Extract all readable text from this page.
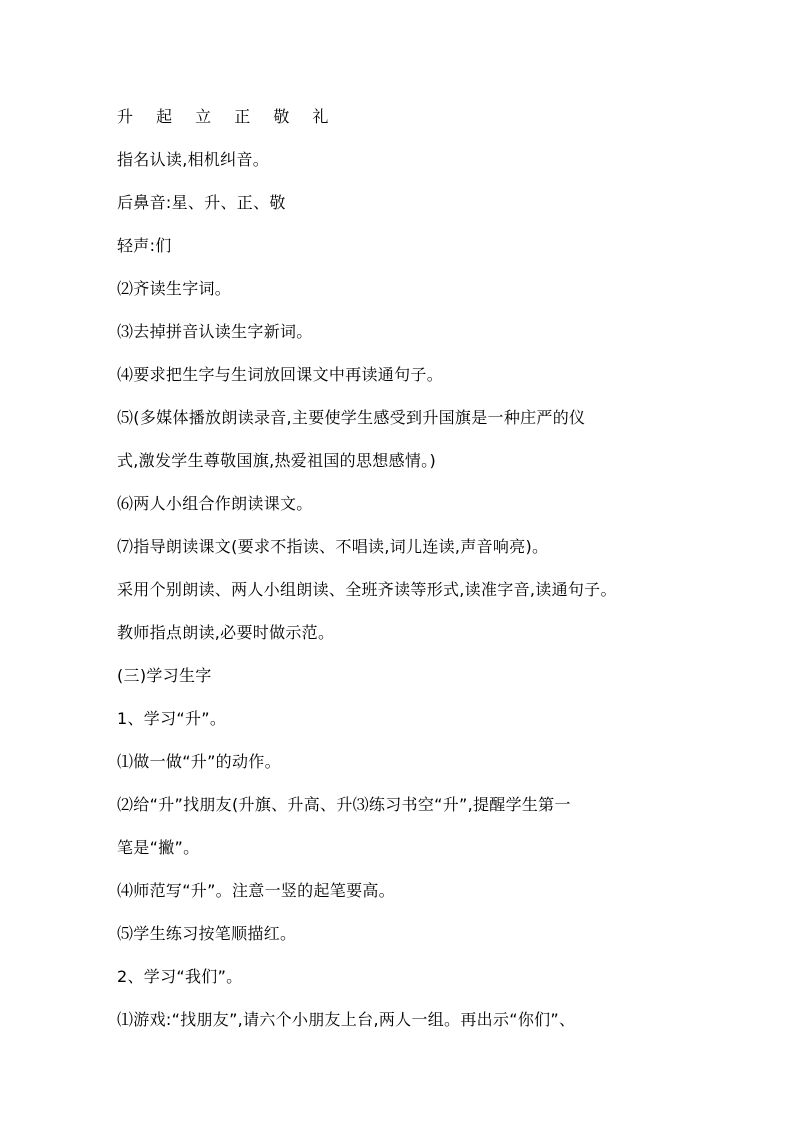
升 起 立 正 敬 礼
指名认读,相机纠音。
后鼻音:星、升、正、敬
轻声:们
⑵齐读生字词。
⑶去掉拼音认读生字新词。
⑷要求把生字与生词放回课文中再读通句子。
⑸(多媒体播放朗读录音,主要使学生感受到升国旗是一种庄严的仪
式,激发学生尊敬国旗,热爱祖国的思想感情。)
⑹两人小组合作朗读课文。
⑺指导朗读课文(要求不指读、不唱读,词儿连读,声音响亮)。
采用个别朗读、两人小组朗读、全班齐读等形式,读准字音,读通句子。
教师指点朗读,必要时做示范。
(三)学习生字
1、学习“升”。
⑴做一做“升”的动作。
⑵给“升”找朋友(升旗、升高、升⑶练习书空“升”,提醒学生第一
笔是“撇”。
⑷师范写“升”。注意一竖的起笔要高。
⑸学生练习按笔顺描红。
2、学习“我们”。
⑴游戏:“找朋友”,请六个小朋友上台,两人一组。再出示“你们”、
